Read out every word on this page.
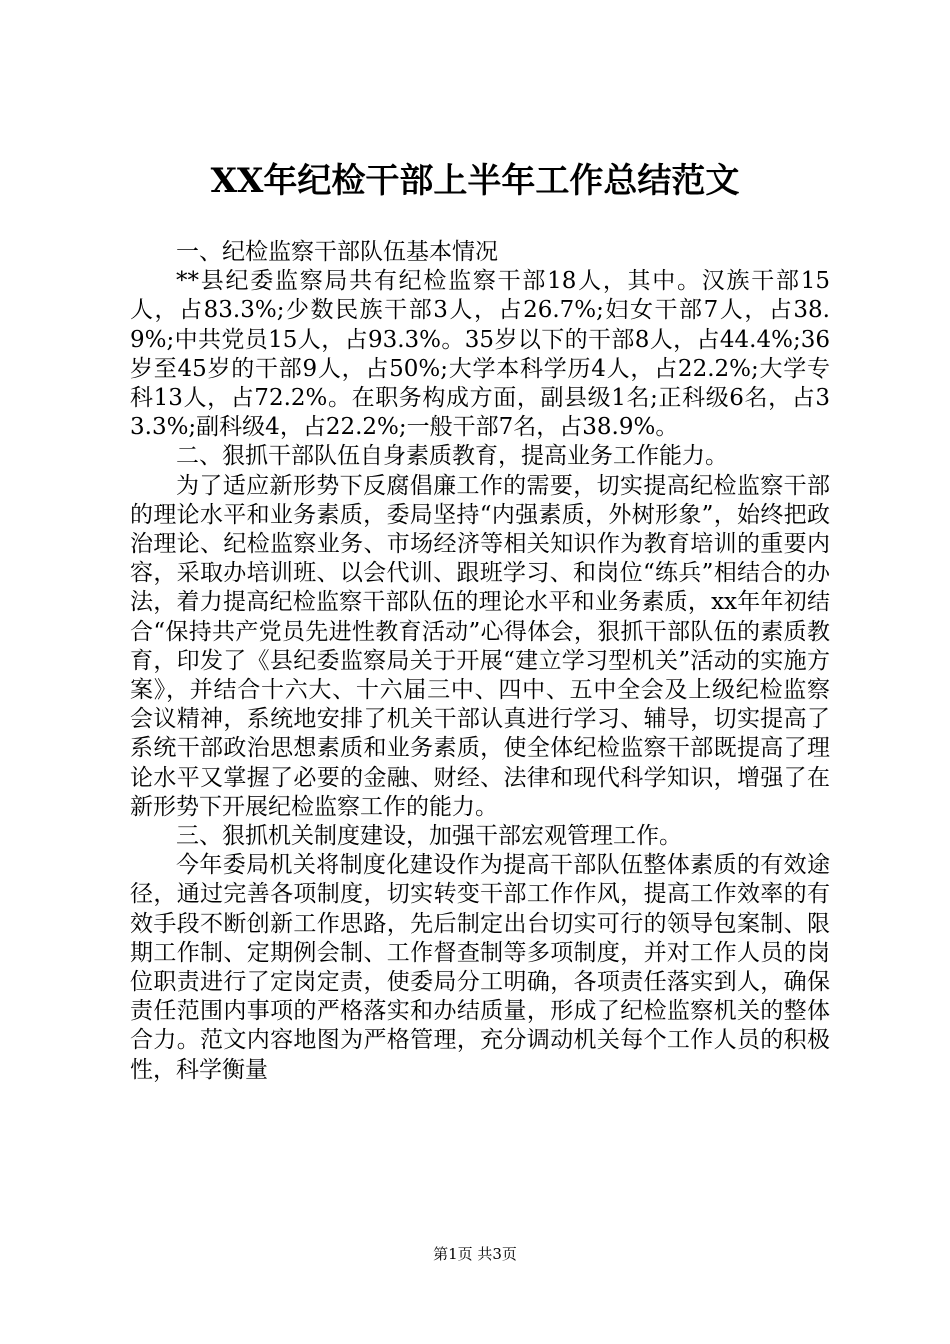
XX年纪检干部上半年工作总结范文

一、纪检监察干部队伍基本情况

**县纪委监察局共有纪检监察干部18人，其中。汉族干部15人，占83.3%;少数民族干部3人，占26.7%;妇女干部7人，占38.9%;中共党员15人，占93.3%。35岁以下的干部8人，占44.4%;36岁至45岁的干部9人，占50%;大学本科学历4人，占22.2%;大学专科13人，占72.2%。在职务构成方面，副县级1名;正科级6名，占33.3%;副科级4，占22.2%;一般干部7名，占38.9%。

二、狠抓干部队伍自身素质教育，提高业务工作能力。

为了适应新形势下反腐倡廉工作的需要，切实提高纪检监察干部的理论水平和业务素质，委局坚持“内强素质，外树形象”，始终把政治理论、纪检监察业务、市场经济等相关知识作为教育培训的重要内容，采取办培训班、以会代训、跟班学习、和岗位“练兵”相结合的办法，着力提高纪检监察干部队伍的理论水平和业务素质，xx年年初结合“保持共产党员先进性教育活动”心得体会，狠抓干部队伍的素质教育，印发了《县纪委监察局关于开展“建立学习型机关”活动的实施方案》，并结合十六大、十六届三中、四中、五中全会及上级纪检监察会议精神，系统地安排了机关干部认真进行学习、辅导，切实提高了系统干部政治思想素质和业务素质，使全体纪检监察干部既提高了理论水平又掌握了必要的金融、财经、法律和现代科学知识，增强了在新形势下开展纪检监察工作的能力。

三、狠抓机关制度建设，加强干部宏观管理工作。

今年委局机关将制度化建设作为提高干部队伍整体素质的有效途径，通过完善各项制度，切实转变干部工作作风，提高工作效率的有效手段不断创新工作思路，先后制定出台切实可行的领导包案制、限期工作制、定期例会制、工作督查制等多项制度，并对工作人员的岗位职责进行了定岗定责，使委局分工明确，各项责任落实到人，确保责任范围内事项的严格落实和办结质量，形成了纪检监察机关的整体合力。范文内容地图为严格管理，充分调动机关每个工作人员的积极性，科学衡量

第1页 共3页
